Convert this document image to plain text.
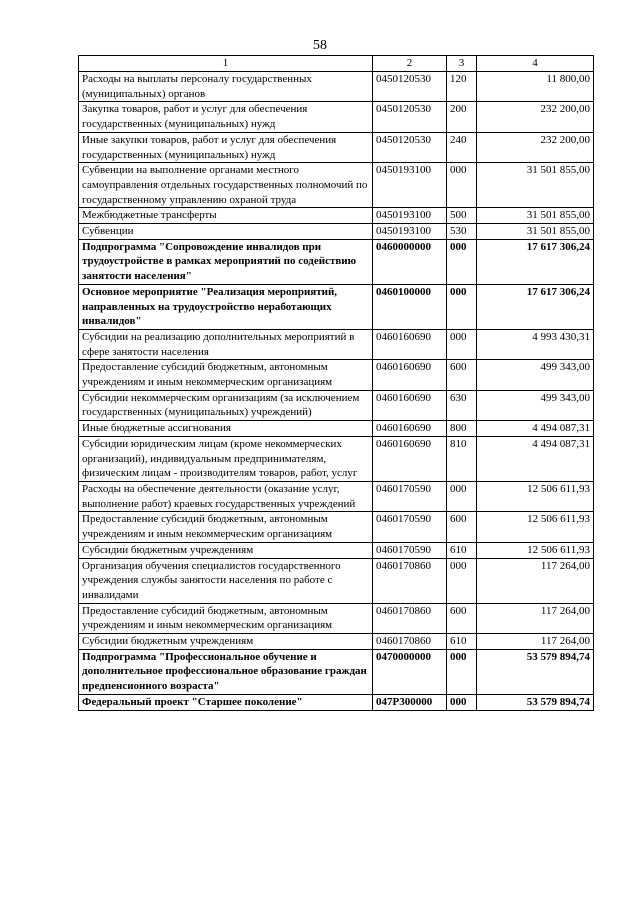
58
1	2	3	4
Расходы на выплаты персоналу государственных (муниципальных) органов	0450120530	120	11 800,00
Закупка товаров, работ и услуг для обеспечения государственных (муниципальных) нужд	0450120530	200	232 200,00
Иные закупки товаров, работ и услуг для обеспечения государственных (муниципальных) нужд	0450120530	240	232 200,00
Субвенции на выполнение органами местного самоуправления отдельных государственных полномочий по государственному управлению охраной труда	0450193100	000	31 501 855,00
Межбюджетные трансферты	0450193100	500	31 501 855,00
Субвенции	0450193100	530	31 501 855,00
Подпрограмма "Сопровождение инвалидов при трудоустройстве в рамках мероприятий по содействию занятости населения"	0460000000	000	17 617 306,24
Основное мероприятие "Реализация мероприятий, направленных на трудоустройство неработающих инвалидов"	0460100000	000	17 617 306,24
Субсидии на реализацию дополнительных мероприятий в сфере занятости населения	0460160690	000	4 993 430,31
Предоставление субсидий бюджетным, автономным учреждениям и иным некоммерческим организациям	0460160690	600	499 343,00
Субсидии некоммерческим организациям (за исключением государственных (муниципальных) учреждений)	0460160690	630	499 343,00
Иные бюджетные ассигнования	0460160690	800	4 494 087,31
Субсидии юридическим лицам (кроме некоммерческих организаций), индивидуальным предпринимателям, физическим лицам - производителям товаров, работ, услуг	0460160690	810	4 494 087,31
Расходы на обеспечение деятельности (оказание услуг, выполнение работ) краевых государственных учреждений	0460170590	000	12 506 611,93
Предоставление субсидий бюджетным, автономным учреждениям и иным некоммерческим организациям	0460170590	600	12 506 611,93
Субсидии бюджетным учреждениям	0460170590	610	12 506 611,93
Организация обучения специалистов государственного учреждения службы занятости населения по работе с инвалидами	0460170860	000	117 264,00
Предоставление субсидий бюджетным, автономным учреждениям и иным некоммерческим организациям	0460170860	600	117 264,00
Субсидии бюджетным учреждениям	0460170860	610	117 264,00
Подпрограмма "Профессиональное обучение и дополнительное профессиональное образование граждан предпенсионного возраста"	0470000000	000	53 579 894,74
Федеральный проект "Старшее поколение"	047P300000	000	53 579 894,74
